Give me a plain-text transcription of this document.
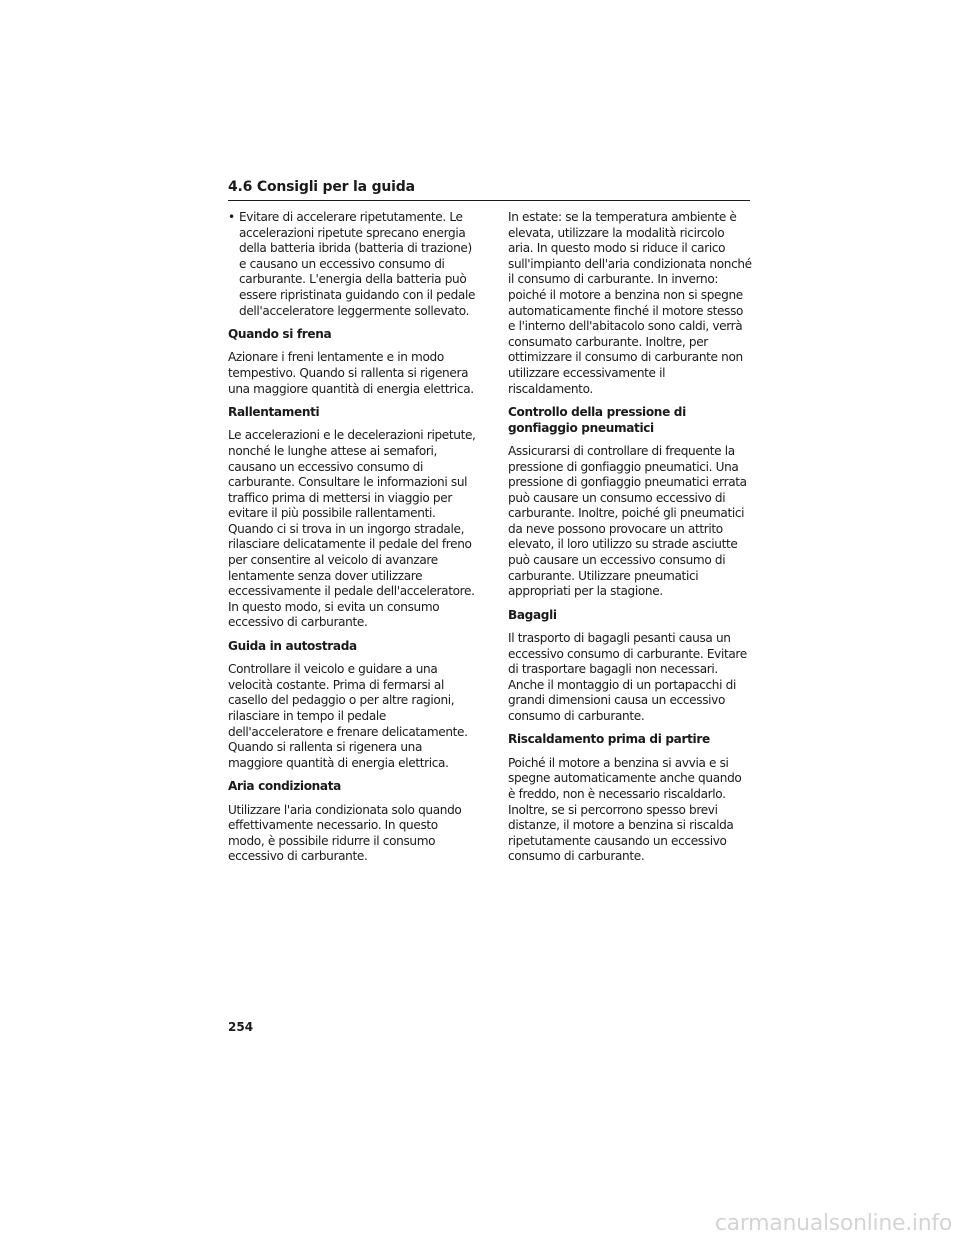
4.6 Consigli per la guida
• Evitare di accelerare ripetutamente. Le accelerazioni ripetute sprecano energia della batteria ibrida (batteria di trazione) e causano un eccessivo consumo di carburante. L'energia della batteria può essere ripristinata guidando con il pedale dell'acceleratore leggermente sollevato.
Quando si frena

Azionare i freni lentamente e in modo tempestivo. Quando si rallenta si rigenera una maggiore quantità di energia elettrica.

Rallentamenti

Le accelerazioni e le decelerazioni ripetute, nonché le lunghe attese ai semafori, causano un eccessivo consumo di carburante. Consultare le informazioni sul traffico prima di mettersi in viaggio per evitare il più possibile rallentamenti. Quando ci si trova in un ingorgo stradale, rilasciare delicatamente il pedale del freno per consentire al veicolo di avanzare lentamente senza dover utilizzare eccessivamente il pedale dell'acceleratore. In questo modo, si evita un consumo eccessivo di carburante.

Guida in autostrada

Controllare il veicolo e guidare a una velocità costante. Prima di fermarsi al casello del pedaggio o per altre ragioni, rilasciare in tempo il pedale dell'acceleratore e frenare delicatamente. Quando si rallenta si rigenera una maggiore quantità di energia elettrica.

Aria condizionata

Utilizzare l'aria condizionata solo quando effettivamente necessario. In questo modo, è possibile ridurre il consumo eccessivo di carburante.

In estate: se la temperatura ambiente è elevata, utilizzare la modalità ricircolo aria. In questo modo si riduce il carico sull'impianto dell'aria condizionata nonché il consumo di carburante. In inverno: poiché il motore a benzina non si spegne automaticamente finché il motore stesso e l'interno dell'abitacolo sono caldi, verrà consumato carburante. Inoltre, per ottimizzare il consumo di carburante non utilizzare eccessivamente il riscaldamento.

Controllo della pressione di gonfiaggio pneumatici

Assicurarsi di controllare di frequente la pressione di gonfiaggio pneumatici. Una pressione di gonfiaggio pneumatici errata può causare un consumo eccessivo di carburante. Inoltre, poiché gli pneumatici da neve possono provocare un attrito elevato, il loro utilizzo su strade asciutte può causare un eccessivo consumo di carburante. Utilizzare pneumatici appropriati per la stagione.

Bagagli

Il trasporto di bagagli pesanti causa un eccessivo consumo di carburante. Evitare di trasportare bagagli non necessari. Anche il montaggio di un portapacchi di grandi dimensioni causa un eccessivo consumo di carburante.

Riscaldamento prima di partire

Poiché il motore a benzina si avvia e si spegne automaticamente anche quando è freddo, non è necessario riscaldarlo. Inoltre, se si percorrono spesso brevi distanze, il motore a benzina si riscalda ripetutamente causando un eccessivo consumo di carburante.

254
carmanualsonline.info
